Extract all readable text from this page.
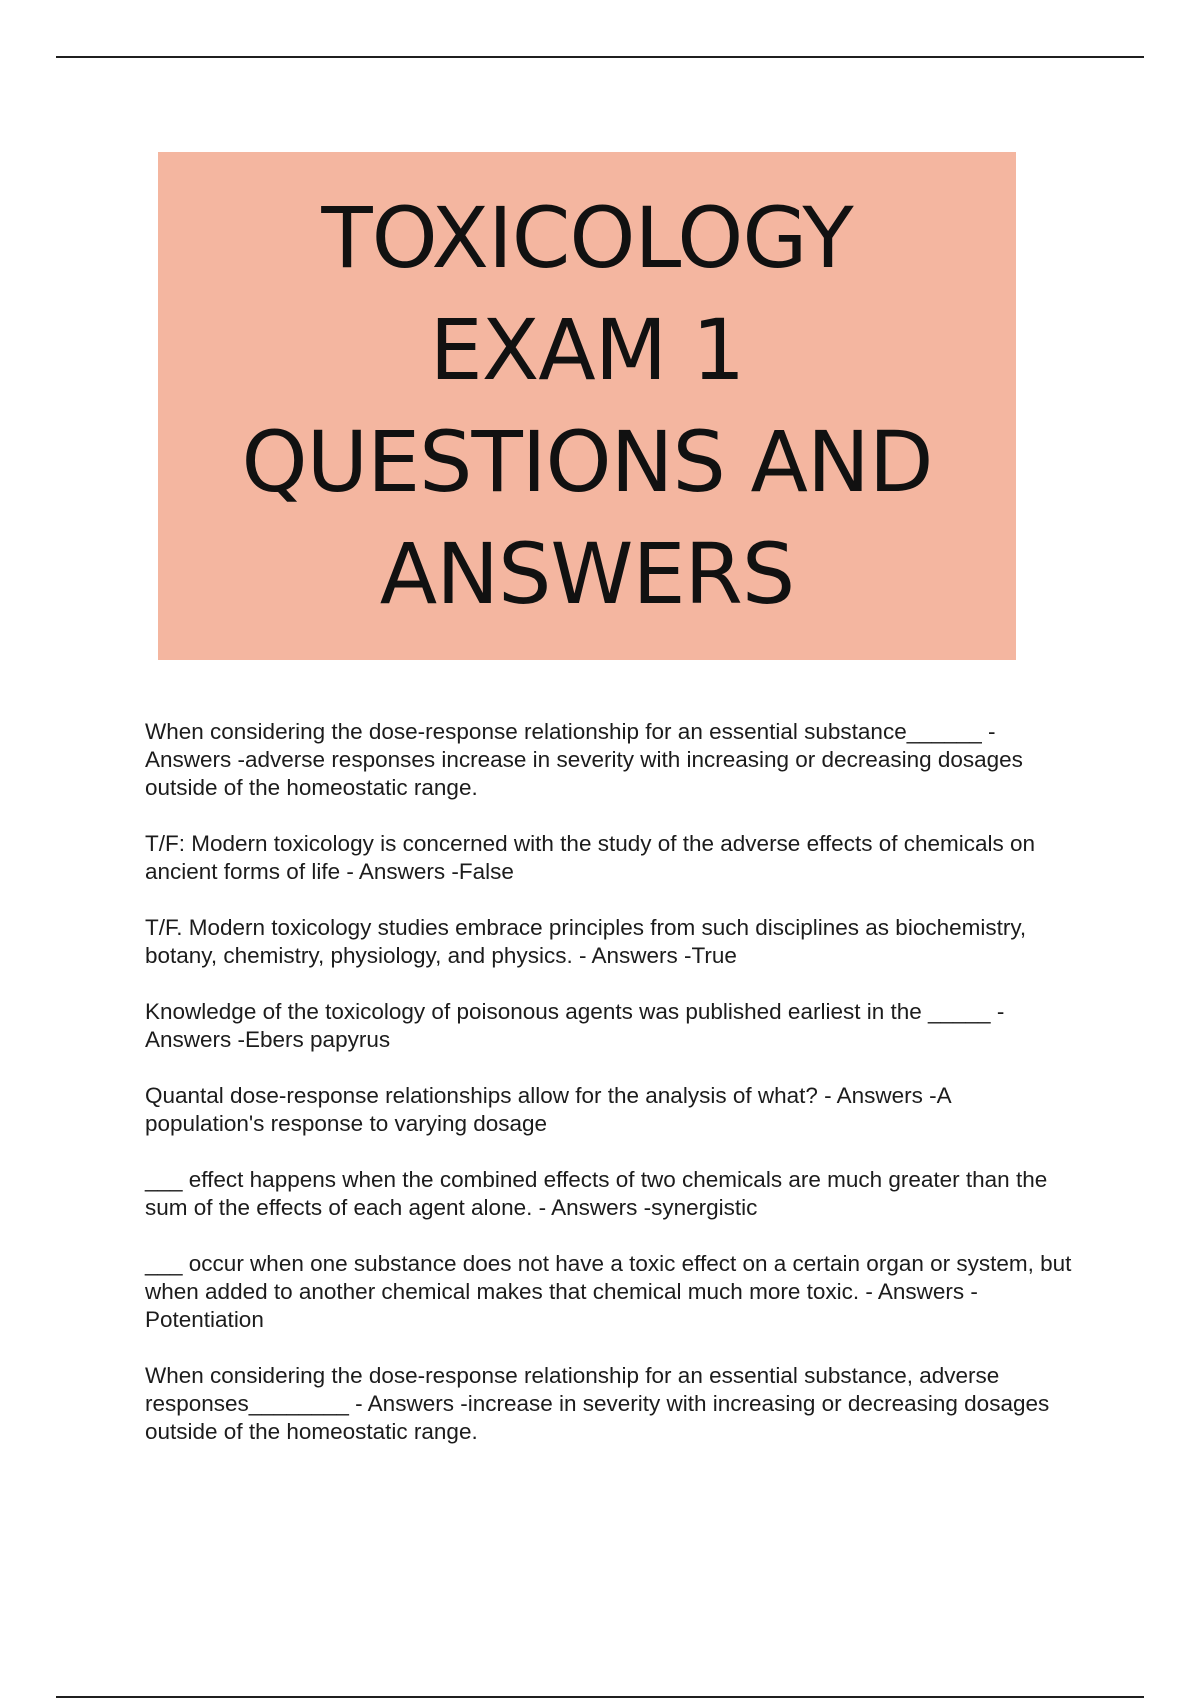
TOXICOLOGY
EXAM 1
QUESTIONS AND
ANSWERS
When considering the dose-response relationship for an essential substance______ - Answers -adverse responses increase in severity with increasing or decreasing dosages outside of the homeostatic range.
T/F: Modern toxicology is concerned with the study of the adverse effects of chemicals on ancient forms of life - Answers -False
T/F. Modern toxicology studies embrace principles from such disciplines as biochemistry, botany, chemistry, physiology, and physics. - Answers -True
Knowledge of the toxicology of poisonous agents was published earliest in the _____ - Answers -Ebers papyrus
Quantal dose-response relationships allow for the analysis of what? - Answers -A population's response to varying dosage
___ effect happens when the combined effects of two chemicals are much greater than the sum of the effects of each agent alone. - Answers -synergistic
___ occur when one substance does not have a toxic effect on a certain organ or system, but when added to another chemical makes that chemical much more toxic. - Answers -Potentiation
When considering the dose-response relationship for an essential substance, adverse responses________ - Answers -increase in severity with increasing or decreasing dosages outside of the homeostatic range.
